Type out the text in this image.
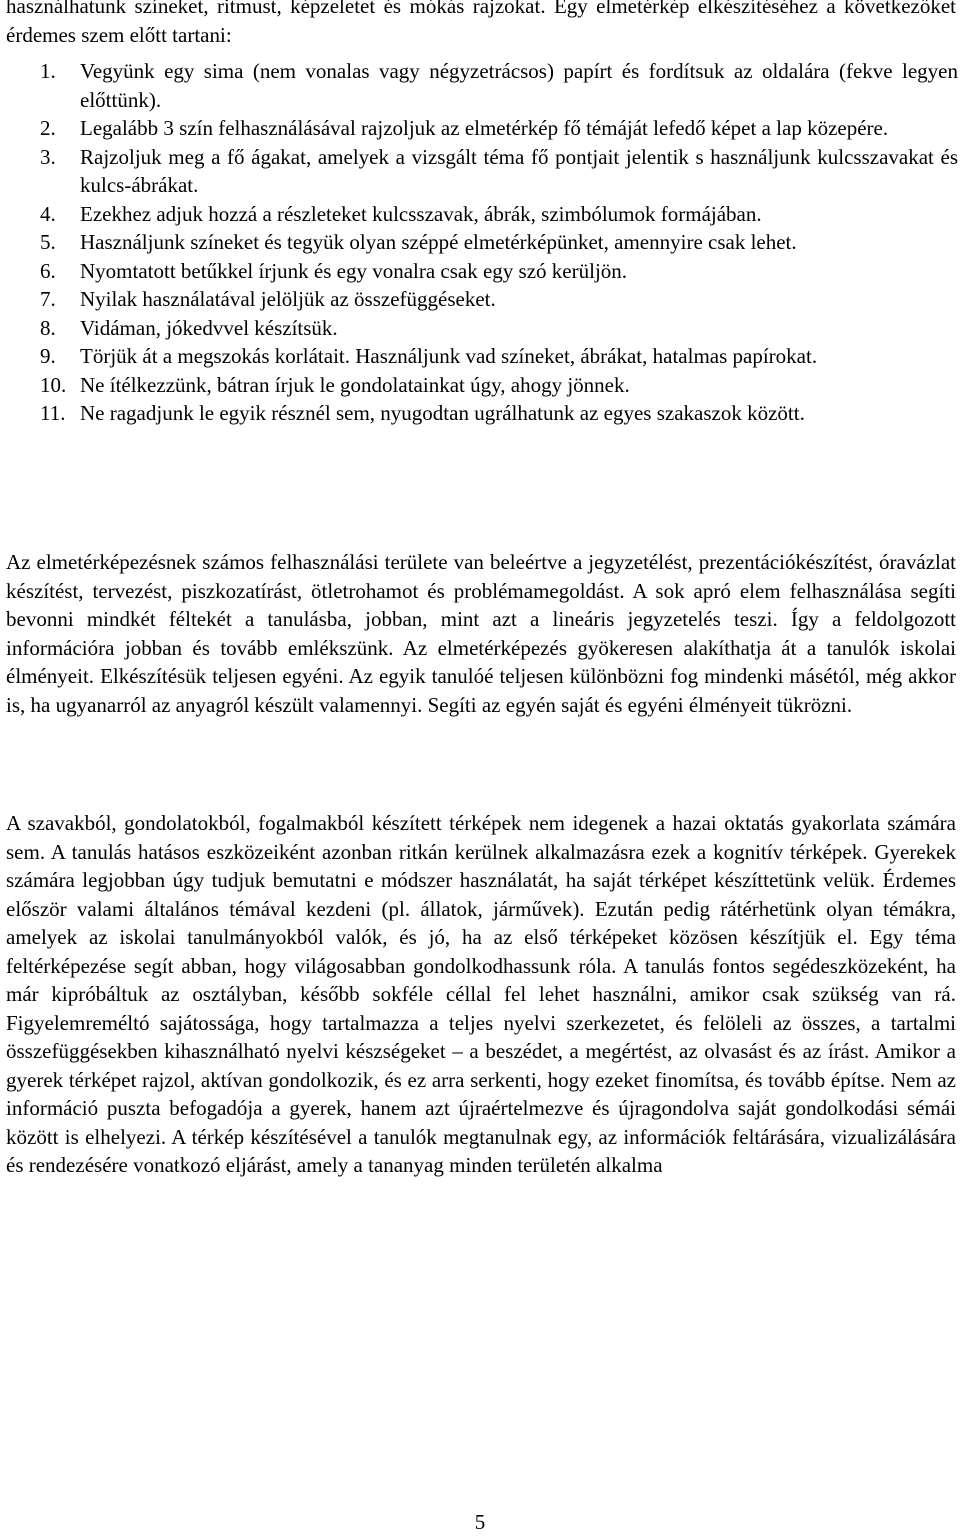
használhatunk színeket, ritmust, képzeletet és mókás rajzokat. Egy elmetérkép elkészítéséhez a következőket érdemes szem előtt tartani:

1.	Vegyünk egy sima (nem vonalas vagy négyzetrácsos) papírt és fordítsuk az oldalára (fekve legyen előttünk).
2.	Legalább 3 szín felhasználásával rajzoljuk az elmetérkép fő témáját lefedő képet a lap közepére.
3.	Rajzoljuk meg a fő ágakat, amelyek a vizsgált téma fő pontjait jelentik s használjunk kulcsszavakat és kulcs-ábrákat.
4.	Ezekhez adjuk hozzá a részleteket kulcsszavak, ábrák, szimbólumok formájában.
5.	Használjunk színeket és tegyük olyan széppé elmetérképünket, amennyire csak lehet.
6.	Nyomtatott betűkkel írjunk és egy vonalra csak egy szó kerüljön.
7.	Nyilak használatával jelöljük az összefüggéseket.
8.	Vidáman, jókedvvel készítsük.
9.	Törjük át a megszokás korlátait. Használjunk vad színeket, ábrákat, hatalmas papírokat.
10. Ne ítélkezzünk, bátran írjuk le gondolatainkat úgy, ahogy jönnek.
11. Ne ragadjunk le egyik résznél sem, nyugodtan ugrálhatunk az egyes szakaszok között.

Az elmetérképezésnek számos felhasználási területe van beleértve a jegyzetélést, prezentációkészítést, óravázlat készítést, tervezést, piszkozatírást, ötletrohamot és problémamegoldást. A sok apró elem felhasználása segíti bevonni mindkét féltekét a tanulásba, jobban, mint azt a lineáris jegyzetelés teszi. Így a feldolgozott információra jobban és tovább emlékszünk. Az elmetérképezés gyökeresen alakíthatja át a tanulók iskolai élményeit. Elkészítésük teljesen egyéni. Az egyik tanulóé teljesen különbözni fog mindenki másétól, még akkor is, ha ugyanarról az anyagról készült valamennyi. Segíti az egyén saját és egyéni élményeit tükrözni.

A szavakból, gondolatokból, fogalmakból készített térképek nem idegenek a hazai oktatás gyakorlata számára sem. A tanulás hatásos eszközeiként azonban ritkán kerülnek alkalmazásra ezek a kognitív térképek. Gyerekek számára legjobban úgy tudjuk bemutatni e módszer használatát, ha saját térképet készíttetünk velük. Érdemes először valami általános témával kezdeni (pl. állatok, járművek). Ezután pedig rátérhetünk olyan témákra, amelyek az iskolai tanulmányokból valók, és jó, ha az első térképeket közösen készítjük el. Egy téma feltérképezése segít abban, hogy világosabban gondolkodhassunk róla. A tanulás fontos segédeszközeként, ha már kipróbáltuk az osztályban, később sokféle céllal fel lehet használni, amikor csak szükség van rá. Figyelemreméltó sajátossága, hogy tartalmazza a teljes nyelvi szerkezetet, és felöleli az összes, a tartalmi összefüggésekben kihasználható nyelvi készségeket – a beszédet, a megértést, az olvasást és az írást. Amikor a gyerek térképet rajzol, aktívan gondolkozik, és ez arra serkenti, hogy ezeket finomítsa, és tovább építse. Nem az információ puszta befogadója a gyerek, hanem azt újraértelmezve és újragondolva saját gondolkodási sémái között is elhelyezi. A térkép készítésével a tanulók megtanulnak egy, az információk feltárására, vizualizálására és rendezésére vonatkozó eljárást, amely a tananyag minden területén alkalma

5
